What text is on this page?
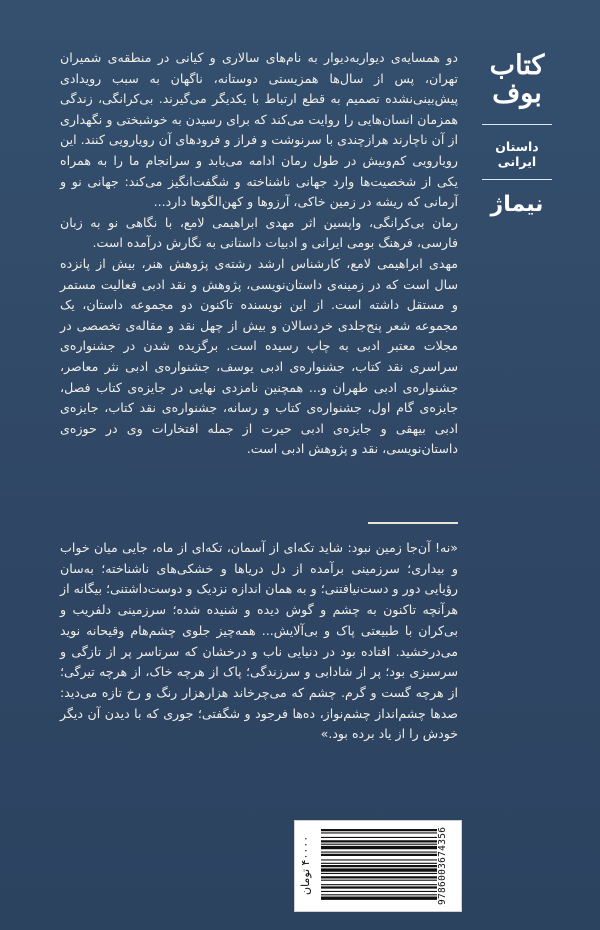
دو همسایه‌ی دیواربه‌دیوار به نام‌های سالاری و کیانی در منطقه‌ی شمیران تهران، پس از سال‌ها همزیستی دوستانه، ناگهان به سبب رویدادی پیش‌بینی‌نشده تصمیم به قطع ارتباط با یکدیگر می‌گیرند. بی‌کرانگی، زندگی همزمان انسان‌هایی را روایت می‌کند که برای رسیدن به خوشبختی و نگهداری از آن ناچارند هرازچندی با سرنوشت و فراز و فرودهای آن رویارویی کنند. این رویارویی کم‌وبیش در طول رمان ادامه می‌یابد و سرانجام ما را به همراه یکی از شخصیت‌ها وارد جهانی ناشناخته و شگفت‌انگیز می‌کند: جهانی نو و آرمانی که ریشه در زمین خاکی، آرزوها و کهن‌الگوها دارد...

رمان بی‌کرانگی، واپسین اثر مهدی ابراهیمی لامع، با نگاهی نو به زبان فارسی، فرهنگ بومی ایرانی و ادبیات داستانی به نگارش درآمده است.

مهدی ابراهیمی لامع، کارشناس ارشد رشته‌ی پژوهش هنر، بیش از پانزده سال است که در زمینه‌ی داستان‌نویسی، پژوهش و نقد ادبی فعالیت مستمر و مستقل داشته است. از این نویسنده تاکنون دو مجموعه داستان، یک مجموعه شعر پنج‌جلدی خردسالان و بیش از چهل نقد و مقاله‌ی تخصصی در مجلات معتبر ادبی به چاپ رسیده است. برگزیده شدن در جشنواره‌ی سراسری نقد کتاب، جشنواره‌ی ادبی یوسف، جشنواره‌ی ادبی نثر معاصر، جشنواره‌ی ادبی طهران و... همچنین نامزدی نهایی در جایزه‌ی کتاب فصل، جایزه‌ی گام اول، جشنواره‌ی کتاب و رسانه، جشنواره‌ی نقد کتاب، جایزه‌ی ادبی بیهقی و جایزه‌ی ادبی حیرت از جمله افتخارات وی در حوزه‌ی داستان‌نویسی، نقد و پژوهش ادبی است.

«نه! آن‌جا زمین نبود: شاید تکه‌ای از آسمان، تکه‌ای از ماه، جایی میان خواب و بیداری؛ سرزمینی برآمده از دل دریاها و خشکی‌های ناشناخته؛ به‌سان رؤیایی دور و دست‌نیافتنی؛ و به همان اندازه نزدیک و دوست‌داشتنی؛ بیگانه از هرآنچه تاکنون به چشم و گوش دیده و شنیده شده؛ سرزمینی دلفریب و بی‌کران با طبیعتی پاک و بی‌آلایش... همه‌چیز جلوی چشم‌هام وقیحانه نوید می‌درخشید. افتاده بود در دنیایی ناب و درخشان که سرتاسر پر از تازگی و سرسبزی بود؛ پر از شادابی و سرزندگی؛ پاک از هرچه خاک، از هرچه تیرگی؛ از هرچه گست و گرم. چشم که می‌چرخاند هزارهزار رنگ و رخ تازه می‌دید: صدها چشم‌انداز چشم‌نواز، ده‌ها فرجود و شگفتی؛ جوری که با دیدن آن دیگر خودش را از یاد برده بود.»

کتاب
بوف
داستان ایرانی
نیماژ
۴۰۰۰۰ تومان	9786003674356
